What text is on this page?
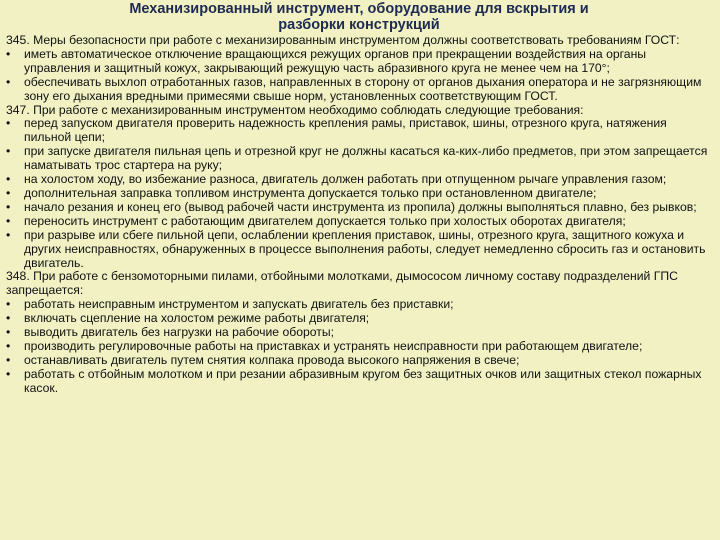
Механизированный инструмент, оборудование для вскрытия и
разборки конструкций

345. Меры безопасности при работе с механизированным инструментом должны соответствовать требованиям ГОСТ:

• иметь автоматическое отключение вращающихся режущих органов при прекращении воздействия на органы управления и защитный кожух, закрывающий режущую часть абразивного круга не менее чем на 170°;
• обеспечивать выхлоп отработанных газов, направленных в сторону от органов дыхания оператора и не загрязняющим зону его дыхания вредными примесями свыше норм, установленных соответствующим ГОСТ.

347. При работе с механизированным инструментом необходимо соблюдать следующие требования:

• перед запуском двигателя проверить надежность крепления рамы, приставок, шины, отрезного круга, натяжения пильной цепи;
• при запуске двигателя пильная цепь и отрезной круг не должны касаться ка-ких-либо предметов, при этом запрещается наматывать трос стартера на руку;
• на холостом ходу, во избежание разноса, двигатель должен работать при отпущенном рычаге управления газом;
• дополнительная заправка топливом инструмента допускается только при остановленном двигателе;
• начало резания и конец его (вывод рабочей части инструмента из пропила) должны выполняться плавно, без рывков;
• переносить инструмент с работающим двигателем допускается только при холостых оборотах двигателя;
• при разрыве или сбеге пильной цепи, ослаблении крепления приставок, шины, отрезного круга, защитного кожуха и других неисправностях, обнаруженных в процессе выполнения работы, следует немедленно сбросить газ и остановить двигатель.

348. При работе с бензомоторными пилами, отбойными молотками, дымососом личному составу подразделений ГПС запрещается:

• работать неисправным инструментом и запускать двигатель без приставки;
• включать сцепление на холостом режиме работы двигателя;
• выводить двигатель без нагрузки на рабочие обороты;
• производить регулировочные работы на приставках и устранять неисправности при работающем двигателе;
• останавливать двигатель путем снятия колпака провода высокого напряжения в свече;
• работать с отбойным молотком и при резании абразивным кругом без защитных очков или защитных стекол пожарных касок.
